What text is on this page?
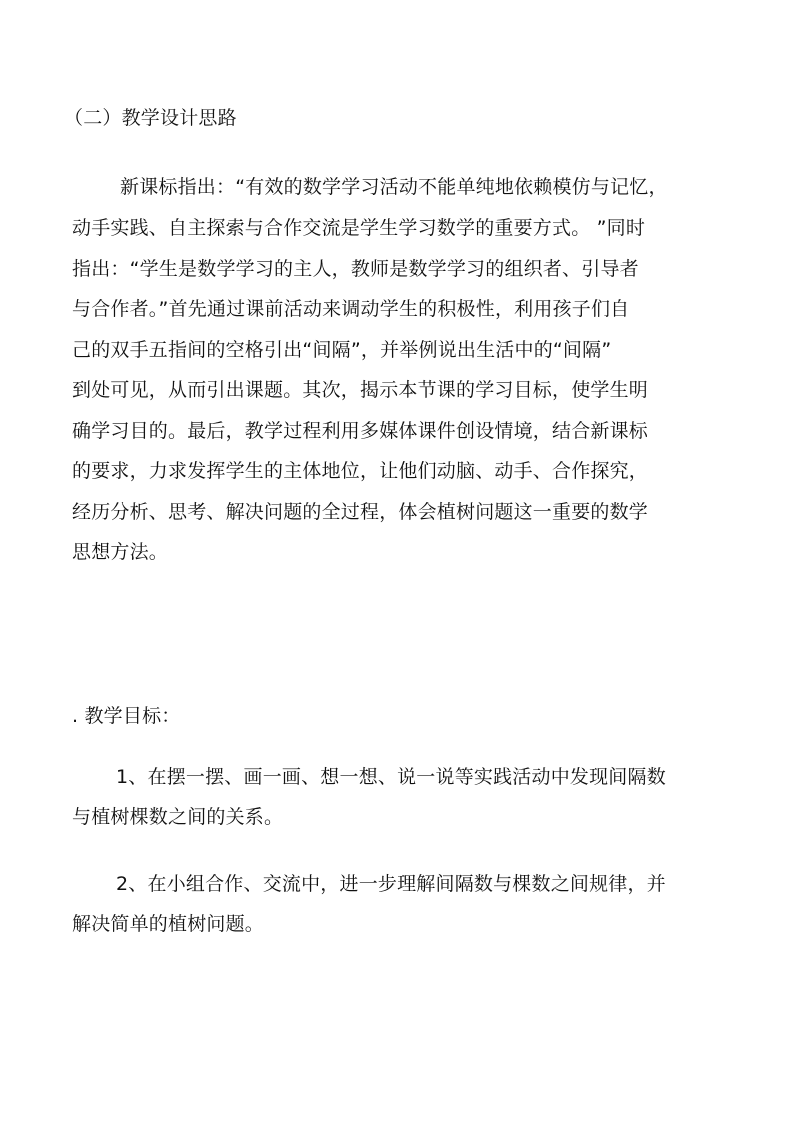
（二）教学设计思路
新课标指出：“有效的数学学习活动不能单纯地依赖模仿与记忆，
动手实践、自主探索与合作交流是学生学习数学的重要方式。 ”同时
指出：“学生是数学学习的主人，教师是数学学习的组织者、引导者
与合作者。”首先通过课前活动来调动学生的积极性，利用孩子们自
己的双手五指间的空格引出“间隔”，并举例说出生活中的“间隔”
到处可见，从而引出课题。其次，揭示本节课的学习目标，使学生明
确学习目的。最后，教学过程利用多媒体课件创设情境，结合新课标
的要求，力求发挥学生的主体地位，让他们动脑、动手、合作探究，
经历分析、思考、解决问题的全过程，体会植树问题这一重要的数学
思想方法。
. 教学目标：
1、在摆一摆、画一画、想一想、说一说等实践活动中发现间隔数
与植树棵数之间的关系。
2、在小组合作、交流中，进一步理解间隔数与棵数之间规律，并
解决简单的植树问题。
